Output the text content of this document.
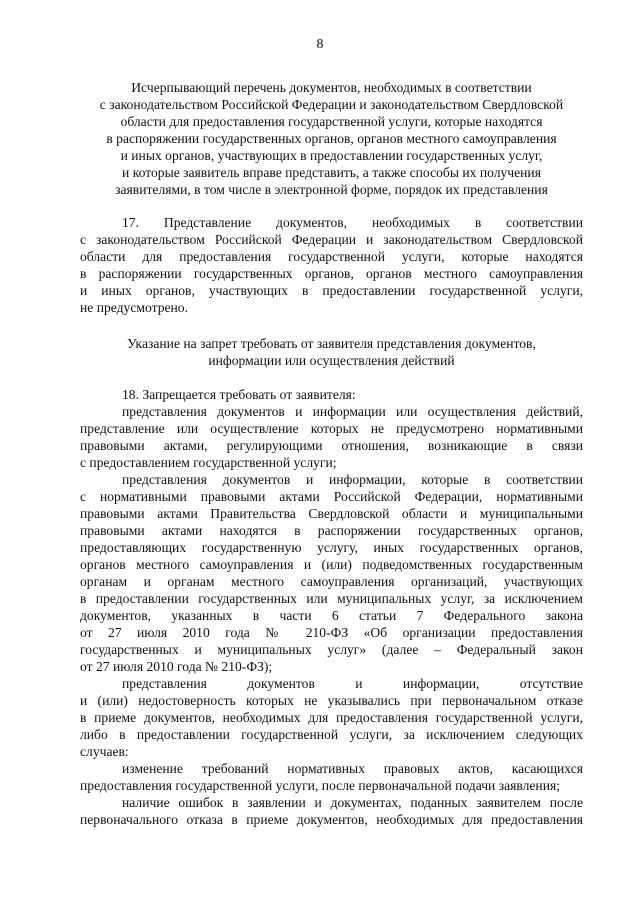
8

Исчерпывающий перечень документов, необходимых в соответствии

с законодательством Российской Федерации и законодательством Свердловской

области для предоставления государственной услуги, которые находятся

в распоряжении государственных органов, органов местного самоуправления

и иных органов, участвующих в предоставлении государственных услуг,

и которые заявитель вправе представить, а также способы их получения

заявителями, в том числе в электронной форме, порядок их представления

17. Представление документов, необходимых в соответствии

с законодательством Российской Федерации и законодательством Свердловской

области для предоставления государственной услуги, которые находятся

в распоряжении государственных органов, органов местного самоуправления

и иных органов, участвующих в предоставлении государственной услуги,

не предусмотрено.

Указание на запрет требовать от заявителя представления документов,

информации или осуществления действий

18. Запрещается требовать от заявителя:

представления документов и информации или осуществления действий,

представление или осуществление которых не предусмотрено нормативными

правовыми актами, регулирующими отношения, возникающие в связи

с предоставлением государственной услуги;

представления документов и информации, которые в соответствии

с нормативными правовыми актами Российской Федерации, нормативными

правовыми актами Правительства Свердловской области и муниципальными

правовыми актами находятся в распоряжении государственных органов,

предоставляющих государственную услугу, иных государственных органов,

органов местного самоуправления и (или) подведомственных государственным

органам и органам местного самоуправления организаций, участвующих

в предоставлении государственных или муниципальных услуг, за исключением

документов, указанных в части 6 статьи 7 Федерального закона

от 27 июля 2010 года № 210-ФЗ «Об организации предоставления

государственных и муниципальных услуг» (далее – Федеральный закон

от 27 июля 2010 года № 210-ФЗ);

представления документов и информации, отсутствие

и (или) недостоверность которых не указывались при первоначальном отказе

в приеме документов, необходимых для предоставления государственной услуги,

либо в предоставлении государственной услуги, за исключением следующих

случаев:

изменение требований нормативных правовых актов, касающихся

предоставления государственной услуги, после первоначальной подачи заявления;

наличие ошибок в заявлении и документах, поданных заявителем после

первоначального отказа в приеме документов, необходимых для предоставления
